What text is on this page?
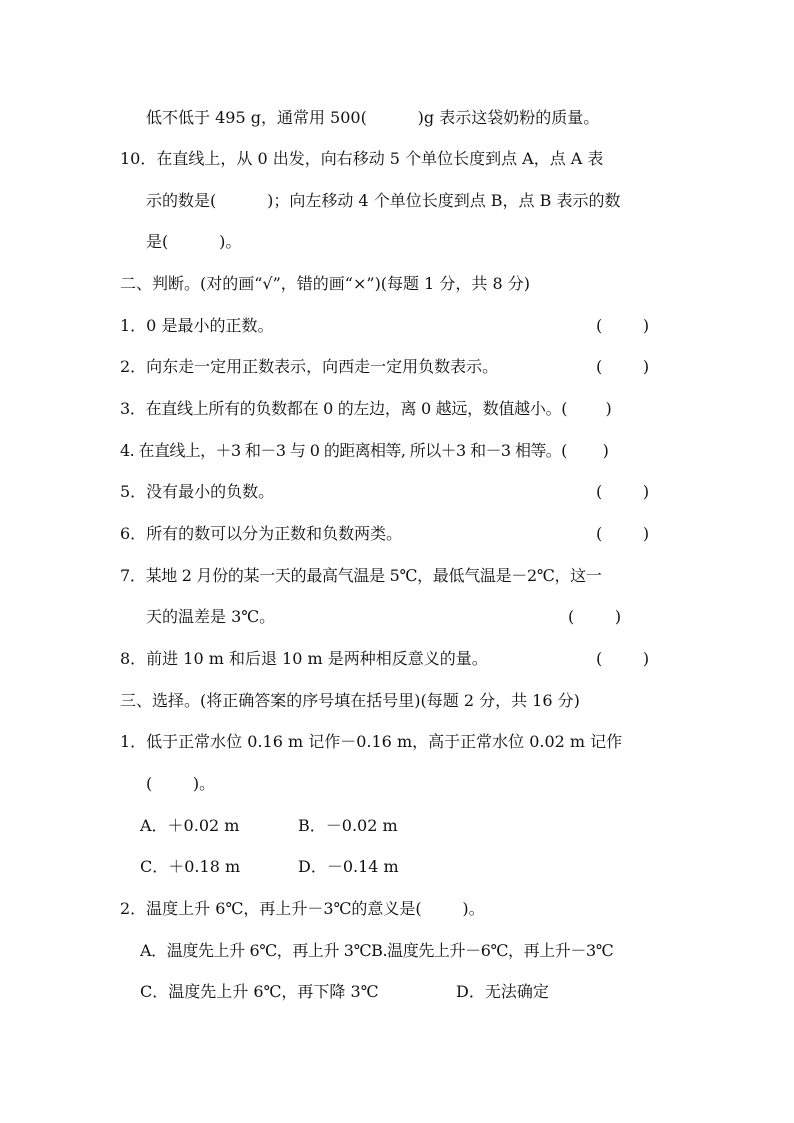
低不低于 495 g，通常用 500(          )g 表示这袋奶粉的质量。
10．在直线上，从 0 出发，向右移动 5 个单位长度到点 A，点 A 表
示的数是(          )；向左移动 4 个单位长度到点 B，点 B 表示的数
是(          )。
二、判断。(对的画“√”，错的画“×”)(每题 1 分，共 8 分)
1．0 是最小的正数。	(        )
2．向东走一定用正数表示，向西走一定用负数表示。	(        )
3．在直线上所有的负数都在 0 的左边，离 0 越远，数值越小。(        )
4. 在直线上，＋3 和－3 与 0 的距离相等, 所以＋3 和－3 相等。(        )
5．没有最小的负数。	(        )
6．所有的数可以分为正数和负数两类。	(        )
7．某地 2 月份的某一天的最高气温是 5℃，最低气温是－2℃，这一
天的温差是 3℃。	(        )
8．前进 10 m 和后退 10 m 是两种相反意义的量。	(        )
三、选择。(将正确答案的序号填在括号里)(每题 2 分，共 16 分)
1．低于正常水位 0.16 m 记作－0.16 m，高于正常水位 0.02 m 记作
(        )。
A．＋0.02 m	B．－0.02 m
C．＋0.18 m	D．－0.14 m
2．温度上升 6℃，再上升－3℃的意义是(        )。
A．温度先上升 6℃，再上升 3℃B.温度先上升－6℃，再上升－3℃
C．温度先上升 6℃，再下降 3℃	D．无法确定
